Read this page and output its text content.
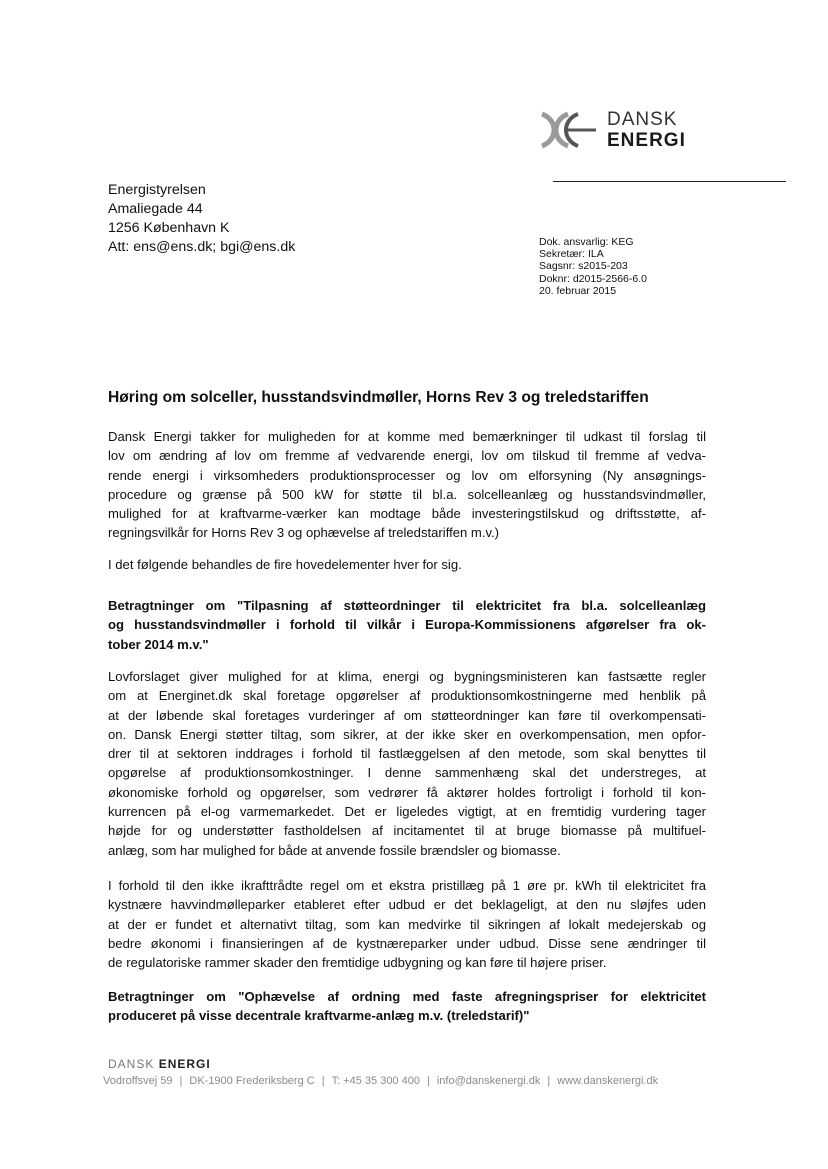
DANSK
ENERGI
Energistyrelsen
Amaliegade 44
1256 København K
Att: ens@ens.dk; bgi@ens.dk	Dok. ansvarlig: KEG
Sekretær: ILA
Sagsnr: s2015-203
Doknr: d2015-2566-6.0
20. februar 2015
Høring om solceller, husstandsvindmøller, Horns Rev 3 og treledstariffen
Dansk Energi takker for muligheden for at komme med bemærkninger til udkast til forslag til
lov om ændring af lov om fremme af vedvarende energi, lov om tilskud til fremme af vedva-
rende energi i virksomheders produktionsprocesser og lov om elforsyning (Ny ansøgnings-
procedure og grænse på 500 kW for støtte til bl.a. solcelleanlæg og husstandsvindmøller,
mulighed for at kraftvarme-værker kan modtage både investeringstilskud og driftsstøtte, af-
regningsvilkår for Horns Rev 3 og ophævelse af treledstariffen m.v.)
I det følgende behandles de fire hovedelementer hver for sig.
Betragtninger om "Tilpasning af støtteordninger til elektricitet fra bl.a. solcelleanlæg
og husstandsvindmøller i forhold til vilkår i Europa-Kommissionens afgørelser fra ok-
tober 2014 m.v."
Lovforslaget giver mulighed for at klima, energi og bygningsministeren kan fastsætte regler
om at Energinet.dk skal foretage opgørelser af produktionsomkostningerne med henblik på
at der løbende skal foretages vurderinger af om støtteordninger kan føre til overkompensati-
on. Dansk Energi støtter tiltag, som sikrer, at der ikke sker en overkompensation, men opfor-
drer til at sektoren inddrages i forhold til fastlæggelsen af den metode, som skal benyttes til
opgørelse af produktionsomkostninger. I denne sammenhæng skal det understreges, at
økonomiske forhold og opgørelser, som vedrører få aktører holdes fortroligt i forhold til kon-
kurrencen på el-og varmemarkedet. Det er ligeledes vigtigt, at en fremtidig vurdering tager
højde for og understøtter fastholdelsen af incitamentet til at bruge biomasse på multifuel-
anlæg, som har mulighed for både at anvende fossile brændsler og biomasse.
I forhold til den ikke ikrafttrådte regel om et ekstra pristillæg på 1 øre pr. kWh til elektricitet fra
kystnære havvindmølleparker etableret efter udbud er det beklageligt, at den nu sløjfes uden
at der er fundet et alternativt tiltag, som kan medvirke til sikringen af lokalt medejerskab og
bedre økonomi i finansieringen af de kystnæreparker under udbud. Disse sene ændringer til
de regulatoriske rammer skader den fremtidige udbygning og kan føre til højere priser.
Betragtninger om "Ophævelse af ordning med faste afregningspriser for elektricitet
produceret på visse decentrale kraftvarme-anlæg m.v. (treledstarif)"
DANSK ENERGI
Vodroffsvej 59 | DK-1900 Frederiksberg C | T: +45 35 300 400 | info@danskenergi.dk | www.danskenergi.dk
